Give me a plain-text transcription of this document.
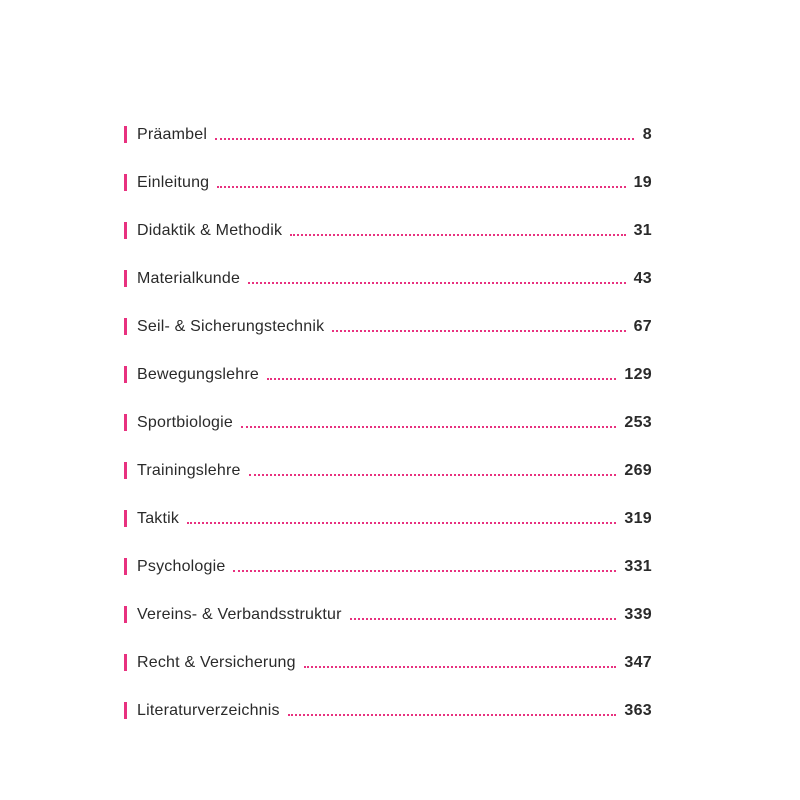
Präambel	8
Einleitung	19
Didaktik & Methodik	31
Materialkunde	43
Seil- & Sicherungstechnik	67
Bewegungslehre	129
Sportbiologie	253
Trainingslehre	269
Taktik	319
Psychologie	331
Vereins- & Verbandsstruktur	339
Recht & Versicherung	347
Literaturverzeichnis	363
